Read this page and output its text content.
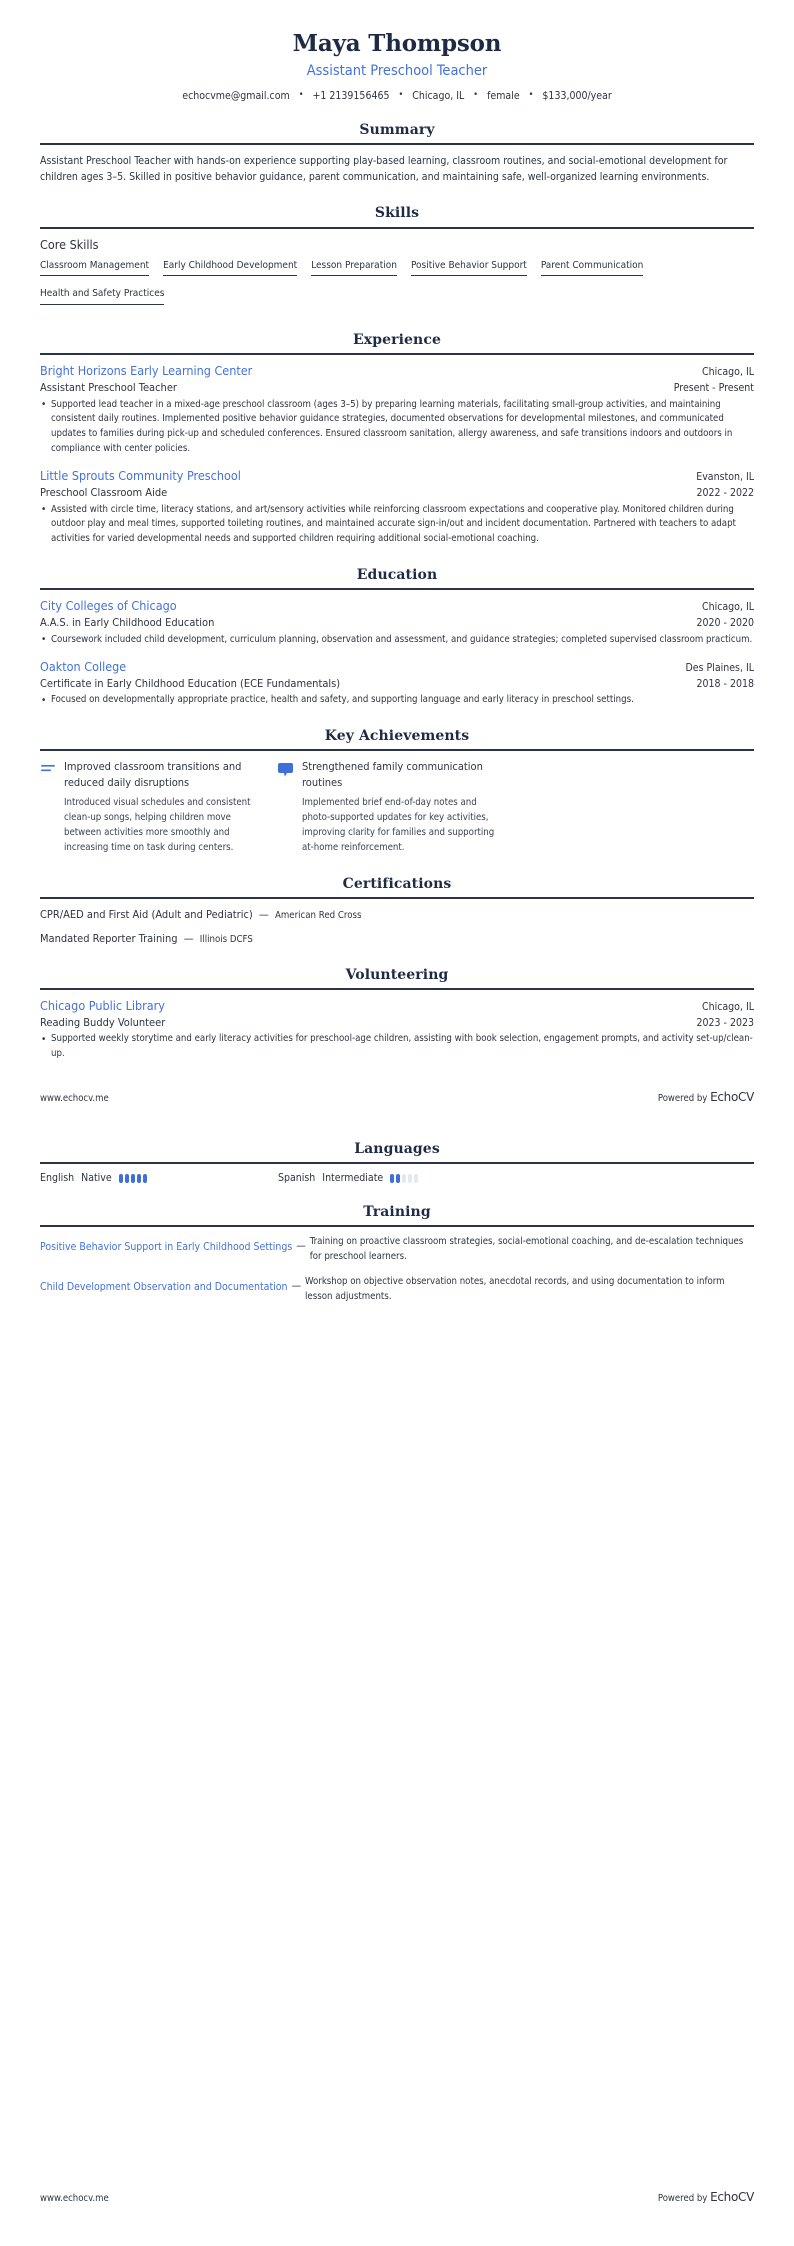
Maya Thompson
Assistant Preschool Teacher
echocvme@gmail.com	• +1 2139156465	• Chicago, IL	• female	• $133,000/year
Summary
Assistant Preschool Teacher with hands-on experience supporting play-based learning, classroom routines, and social-emotional development for children ages 3–5. Skilled in positive behavior guidance, parent communication, and maintaining safe, well-organized learning environments.
Skills
Core Skills
Classroom Management Early Childhood Development Lesson Preparation Positive Behavior Support Parent Communication
Health and Safety Practices
Experience
Bright Horizons Early Learning Center	Chicago, IL
Assistant Preschool Teacher	Present - Present
• Supported lead teacher in a mixed-age preschool classroom (ages 3–5) by preparing learning materials, facilitating small-group activities, and maintaining consistent daily routines. Implemented positive behavior guidance strategies, documented observations for developmental milestones, and communicated updates to families during pick-up and scheduled conferences. Ensured classroom sanitation, allergy awareness, and safe transitions indoors and outdoors in compliance with center policies.
Little Sprouts Community Preschool	Evanston, IL
Preschool Classroom Aide	2022 - 2022
• Assisted with circle time, literacy stations, and art/sensory activities while reinforcing classroom expectations and cooperative play. Monitored children during outdoor play and meal times, supported toileting routines, and maintained accurate sign-in/out and incident documentation. Partnered with teachers to adapt activities for varied developmental needs and supported children requiring additional social-emotional coaching.
Education
City Colleges of Chicago	Chicago, IL
A.A.S. in Early Childhood Education	2020 - 2020
• Coursework included child development, curriculum planning, observation and assessment, and guidance strategies; completed supervised classroom practicum.
Oakton College	Des Plaines, IL
Certificate in Early Childhood Education (ECE Fundamentals)	2018 - 2018
• Focused on developmentally appropriate practice, health and safety, and supporting language and early literacy in preschool settings.
Key Achievements
Improved classroom transitions and reduced daily disruptions
Introduced visual schedules and consistent clean-up songs, helping children move between activities more smoothly and increasing time on task during centers.
Strengthened family communication routines
Implemented brief end-of-day notes and photo-supported updates for key activities, improving clarity for families and supporting at-home reinforcement.
Certifications
CPR/AED and First Aid (Adult and Pediatric) — American Red Cross
Mandated Reporter Training — Illinois DCFS
Volunteering
Chicago Public Library	Chicago, IL
Reading Buddy Volunteer	2023 - 2023
• Supported weekly storytime and early literacy activities for preschool-age children, assisting with book selection, engagement prompts, and activity set-up/clean-up.
Languages
English Native	Spanish Intermediate
Training
Positive Behavior Support in Early Childhood Settings — Training on proactive classroom strategies, social-emotional coaching, and de-escalation techniques for preschool learners.
Child Development Observation and Documentation — Workshop on objective observation notes, anecdotal records, and using documentation to inform lesson adjustments.
www.echocv.me	Powered by EchoCV
www.echocv.me	Powered by EchoCV
